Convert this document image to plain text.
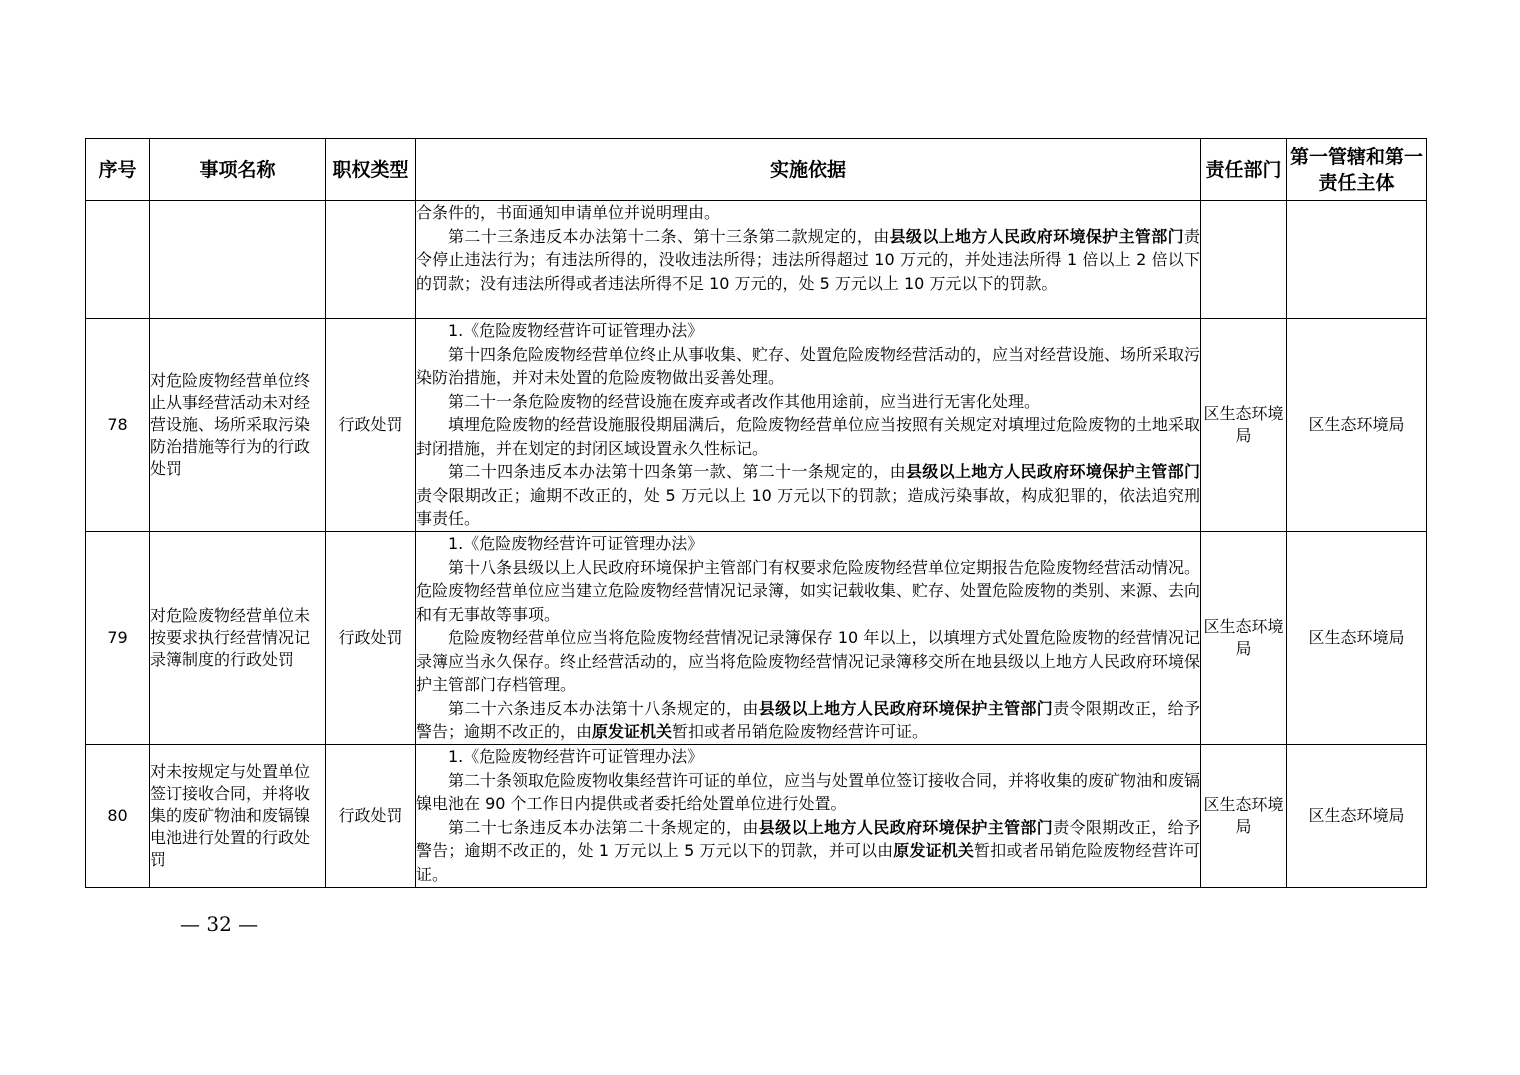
序号	事项名称	职权类型	实施依据	责任部门	第一管辖和第一责任主体

			合条件的，书面通知申请单位并说明理由。

第二十三条违反本办法第十二条、第十三条第二款规定的，由县级以上地方人民政府环境保护主管部门责令停止违法行为；有违法所得的，没收违法所得；违法所得超过 10 万元的，并处违法所得 1 倍以上 2 倍以下的罚款；没有违法所得或者违法所得不足 10 万元的，处 5 万元以上 10 万元以下的罚款。		

78	对危险废物经营单位终止从事经营活动未对经营设施、场所采取污染防治措施等行为的行政处罚	行政处罚	1.《危险废物经营许可证管理办法》

第十四条危险废物经营单位终止从事收集、贮存、处置危险废物经营活动的，应当对经营设施、场所采取污染防治措施，并对未处置的危险废物做出妥善处理。

第二十一条危险废物的经营设施在废弃或者改作其他用途前，应当进行无害化处理。

填埋危险废物的经营设施服役期届满后，危险废物经营单位应当按照有关规定对填埋过危险废物的土地采取封闭措施，并在划定的封闭区域设置永久性标记。

第二十四条违反本办法第十四条第一款、第二十一条规定的，由县级以上地方人民政府环境保护主管部门责令限期改正；逾期不改正的，处 5 万元以上 10 万元以下的罚款；造成污染事故，构成犯罪的，依法追究刑事责任。	区生态环境局	区生态环境局
79	对危险废物经营单位未按要求执行经营情况记录簿制度的行政处罚	行政处罚	1.《危险废物经营许可证管理办法》

第十八条县级以上人民政府环境保护主管部门有权要求危险废物经营单位定期报告危险废物经营活动情况。危险废物经营单位应当建立危险废物经营情况记录簿，如实记载收集、贮存、处置危险废物的类别、来源、去向和有无事故等事项。

危险废物经营单位应当将危险废物经营情况记录簿保存 10 年以上，以填埋方式处置危险废物的经营情况记录簿应当永久保存。终止经营活动的，应当将危险废物经营情况记录簿移交所在地县级以上地方人民政府环境保护主管部门存档管理。

第二十六条违反本办法第十八条规定的，由县级以上地方人民政府环境保护主管部门责令限期改正，给予警告；逾期不改正的，由原发证机关暂扣或者吊销危险废物经营许可证。	区生态环境局	区生态环境局
80	对未按规定与处置单位签订接收合同，并将收集的废矿物油和废镉镍电池进行处置的行政处罚	行政处罚	1.《危险废物经营许可证管理办法》

第二十条领取危险废物收集经营许可证的单位，应当与处置单位签订接收合同，并将收集的废矿物油和废镉镍电池在 90 个工作日内提供或者委托给处置单位进行处置。

第二十七条违反本办法第二十条规定的，由县级以上地方人民政府环境保护主管部门责令限期改正，给予警告；逾期不改正的，处 1 万元以上 5 万元以下的罚款，并可以由原发证机关暂扣或者吊销危险废物经营许可证。	区生态环境局	区生态环境局
— 32 —
